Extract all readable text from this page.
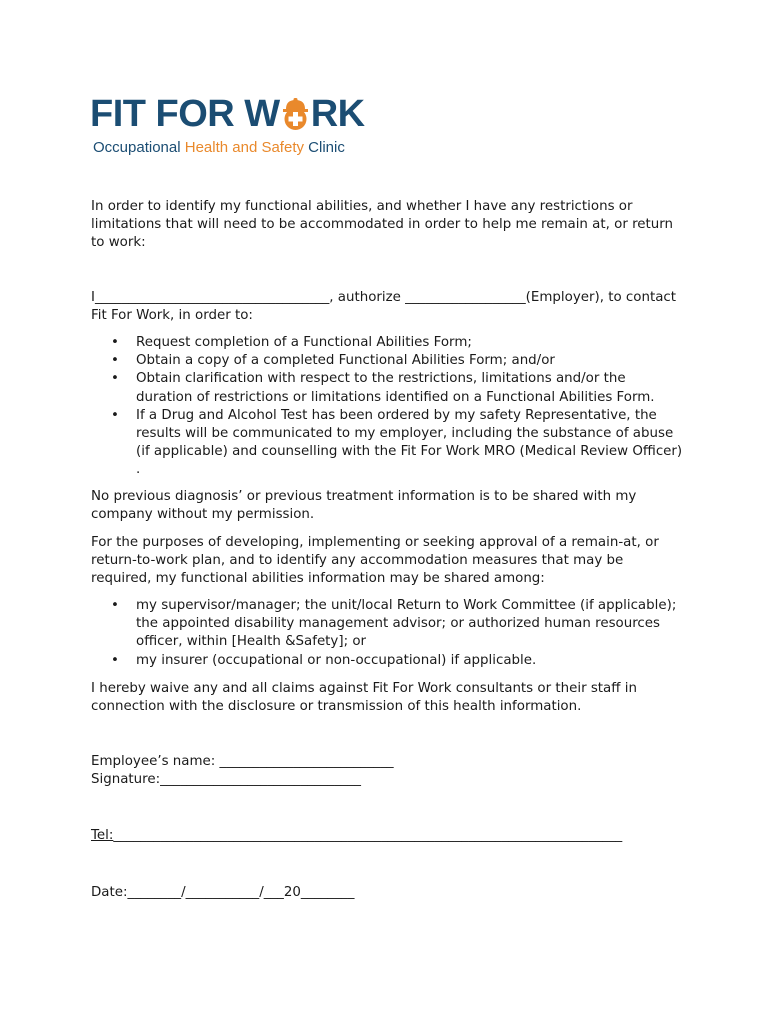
FIT FOR W RK
Occupational Health and Safety Clinic

In order to identify my functional abilities, and whether I have any restrictions or limitations that will need to be accommodated in order to help me remain at, or return to work:

I___________________________________, authorize __________________(Employer), to contact Fit For Work, in order to:

• Request completion of a Functional Abilities Form;
• Obtain a copy of a completed Functional Abilities Form; and/or
• Obtain clarification with respect to the restrictions, limitations and/or the duration of restrictions or limitations identified on a Functional Abilities Form.
• If a Drug and Alcohol Test has been ordered by my safety Representative, the results will be communicated to my employer, including the substance of abuse (if applicable) and counselling with the Fit For Work MRO (Medical Review Officer) .

No previous diagnosis’ or previous treatment information is to be shared with my company without my permission.

For the purposes of developing, implementing or seeking approval of a remain-at, or return-to-work plan, and to identify any accommodation measures that may be required, my functional abilities information may be shared among:

• my supervisor/manager; the unit/local Return to Work Committee (if applicable); the appointed disability management advisor; or authorized human resources officer, within [Health &Safety]; or
• my insurer (occupational or non-occupational) if applicable.

I hereby waive any and all claims against Fit For Work consultants or their staff in connection with the disclosure or transmission of this health information.

Employee’s name: __________________________
Signature:______________________________
Tel:____________________________________________________________________________
Date:________/___________/___20________
